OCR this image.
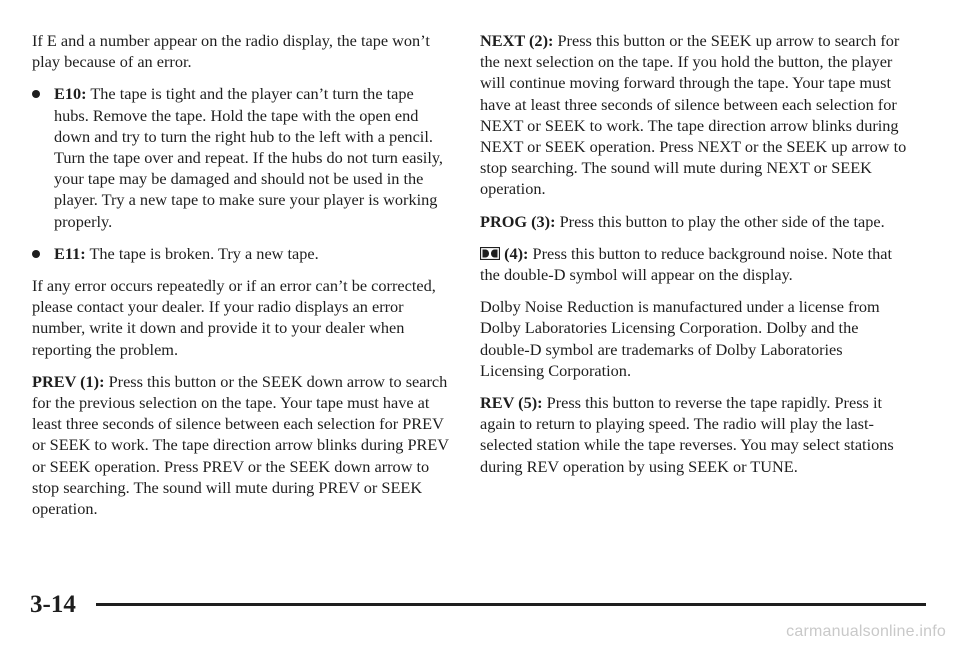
If E and a number appear on the radio display, the tape won’t play because of an error.

E10: The tape is tight and the player can’t turn the tape hubs. Remove the tape. Hold the tape with the open end down and try to turn the right hub to the left with a pencil. Turn the tape over and repeat. If the hubs do not turn easily, your tape may be damaged and should not be used in the player. Try a new tape to make sure your player is working properly.
E11: The tape is broken. Try a new tape.

If any error occurs repeatedly or if an error can’t be corrected, please contact your dealer. If your radio displays an error number, write it down and provide it to your dealer when reporting the problem.

PREV (1): Press this button or the SEEK down arrow to search for the previous selection on the tape. Your tape must have at least three seconds of silence between each selection for PREV or SEEK to work. The tape direction arrow blinks during PREV or SEEK operation. Press PREV or the SEEK down arrow to stop searching. The sound will mute during PREV or SEEK operation.

NEXT (2): Press this button or the SEEK up arrow to search for the next selection on the tape. If you hold the button, the player will continue moving forward through the tape. Your tape must have at least three seconds of silence between each selection for NEXT or SEEK to work. The tape direction arrow blinks during NEXT or SEEK operation. Press NEXT or the SEEK up arrow to stop searching. The sound will mute during NEXT or SEEK operation.

PROG (3): Press this button to play the other side of the tape.

(4): Press this button to reduce background noise. Note that the double-D symbol will appear on the display.

Dolby Noise Reduction is manufactured under a license from Dolby Laboratories Licensing Corporation. Dolby and the double-D symbol are trademarks of Dolby Laboratories Licensing Corporation.

REV (5): Press this button to reverse the tape rapidly. Press it again to return to playing speed. The radio will play the last-selected station while the tape reverses. You may select stations during REV operation by using SEEK or TUNE.

3-14
carmanualsonline.info
